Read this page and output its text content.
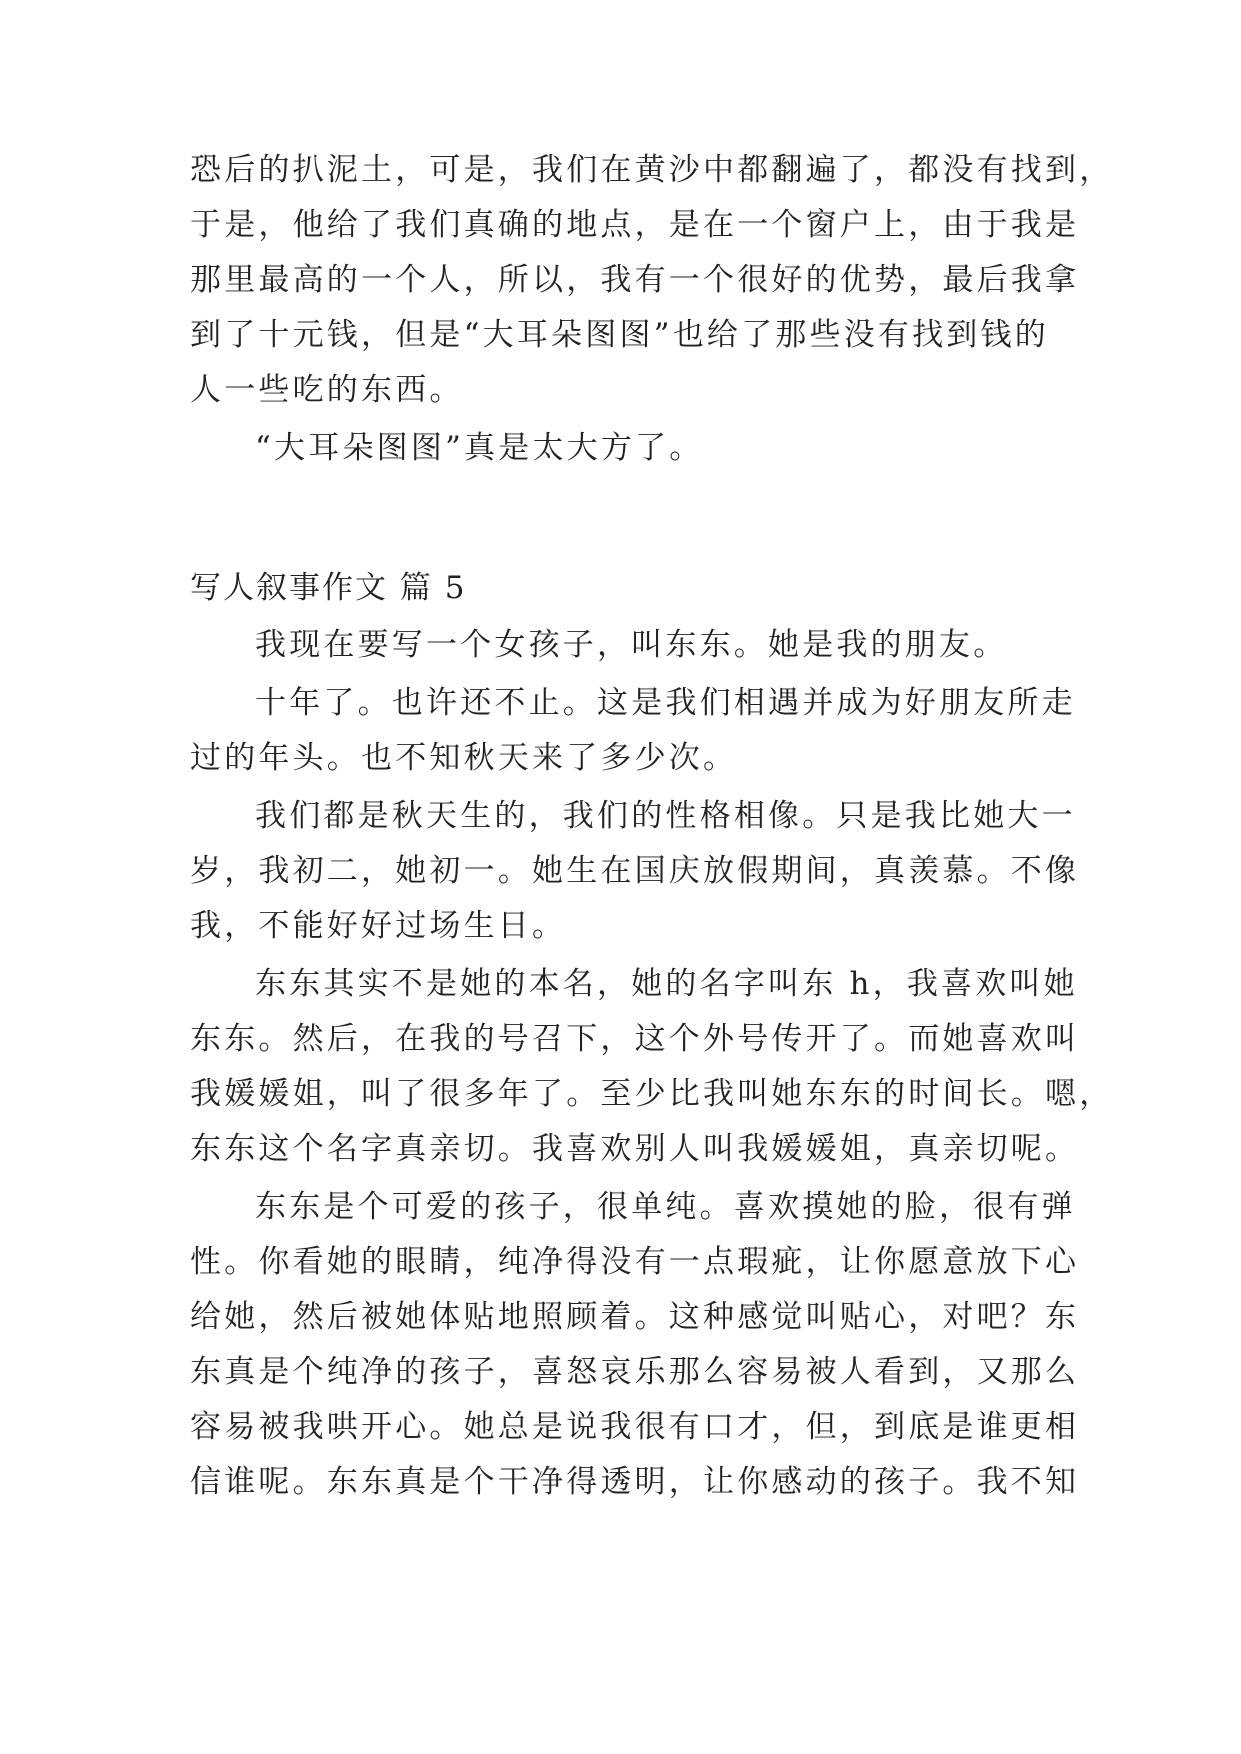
恐后的扒泥土，可是，我们在黄沙中都翻遍了，都没有找到，
于是，他给了我们真确的地点，是在一个窗户上，由于我是
那里最高的一个人，所以，我有一个很好的优势，最后我拿
到了十元钱，但是“大耳朵图图”也给了那些没有找到钱的
人一些吃的东西。
“大耳朵图图”真是太大方了。
写人叙事作文 篇 5
我现在要写一个女孩子，叫东东。她是我的朋友。
十年了。也许还不止。这是我们相遇并成为好朋友所走
过的年头。也不知秋天来了多少次。
我们都是秋天生的，我们的性格相像。只是我比她大一
岁，我初二，她初一。她生在国庆放假期间，真羡慕。不像
我，不能好好过场生日。
东东其实不是她的本名，她的名字叫东 h，我喜欢叫她
东东。然后，在我的号召下，这个外号传开了。而她喜欢叫
我媛媛姐，叫了很多年了。至少比我叫她东东的时间长。嗯，
东东这个名字真亲切。我喜欢别人叫我媛媛姐，真亲切呢。
东东是个可爱的孩子，很单纯。喜欢摸她的脸，很有弹
性。你看她的眼睛，纯净得没有一点瑕疵，让你愿意放下心
给她，然后被她体贴地照顾着。这种感觉叫贴心，对吧？东
东真是个纯净的孩子，喜怒哀乐那么容易被人看到，又那么
容易被我哄开心。她总是说我很有口才，但，到底是谁更相
信谁呢。东东真是个干净得透明，让你感动的孩子。我不知
